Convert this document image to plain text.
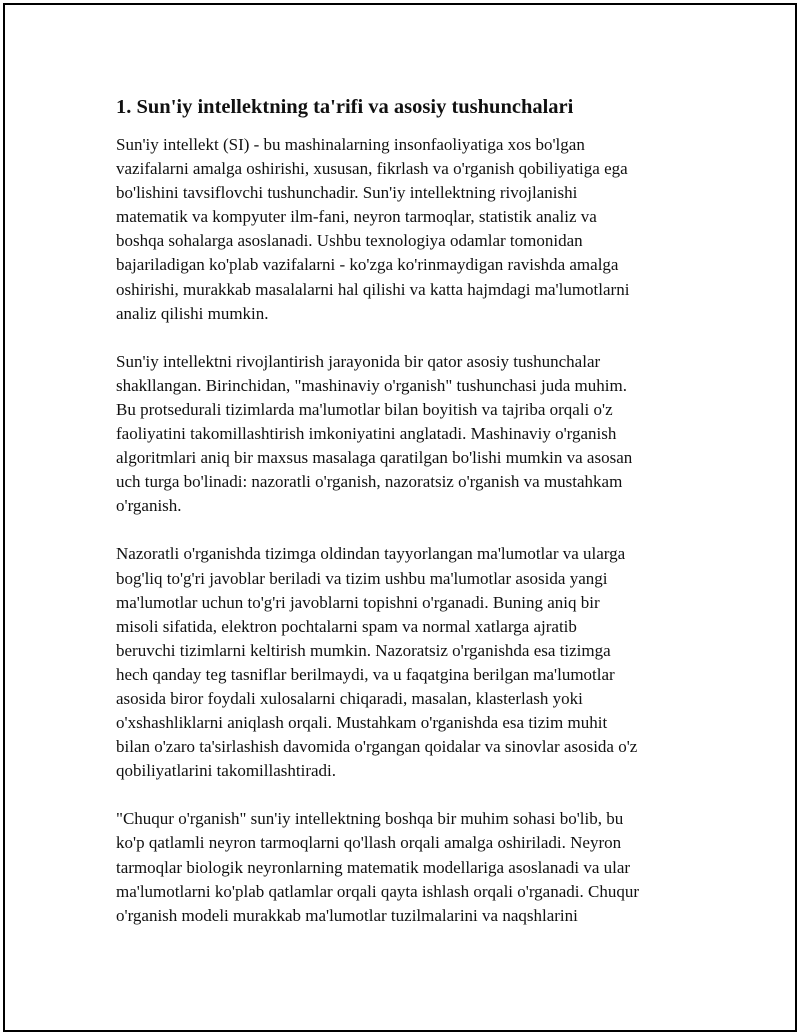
1. Sun'iy intellektning ta'rifi va asosiy tushunchalari
Sun'iy intellekt (SI) - bu mashinalarning insonfaoliyatiga xos bo'lgan
vazifalarni amalga oshirishi, xususan, fikrlash va o'rganish qobiliyatiga ega
bo'lishini tavsiflovchi tushunchadir. Sun'iy intellektning rivojlanishi
matematik va kompyuter ilm-fani, neyron tarmoqlar, statistik analiz va
boshqa sohalarga asoslanadi. Ushbu texnologiya odamlar tomonidan
bajariladigan ko'plab vazifalarni - ko'zga ko'rinmaydigan ravishda amalga
oshirishi, murakkab masalalarni hal qilishi va katta hajmdagi ma'lumotlarni
analiz qilishi mumkin.
Sun'iy intellektni rivojlantirish jarayonida bir qator asosiy tushunchalar
shakllangan. Birinchidan, "mashinaviy o'rganish" tushunchasi juda muhim.
Bu protsedurali tizimlarda ma'lumotlar bilan boyitish va tajriba orqali o'z
faoliyatini takomillashtirish imkoniyatini anglatadi. Mashinaviy o'rganish
algoritmlari aniq bir maxsus masalaga qaratilgan bo'lishi mumkin va asosan
uch turga bo'linadi: nazoratli o'rganish, nazoratsiz o'rganish va mustahkam
o'rganish.
Nazoratli o'rganishda tizimga oldindan tayyorlangan ma'lumotlar va ularga
bog'liq to'g'ri javoblar beriladi va tizim ushbu ma'lumotlar asosida yangi
ma'lumotlar uchun to'g'ri javoblarni topishni o'rganadi. Buning aniq bir
misoli sifatida, elektron pochtalarni spam va normal xatlarga ajratib
beruvchi tizimlarni keltirish mumkin. Nazoratsiz o'rganishda esa tizimga
hech qanday teg tasniflar berilmaydi, va u faqatgina berilgan ma'lumotlar
asosida biror foydali xulosalarni chiqaradi, masalan, klasterlash yoki
o'xshashliklarni aniqlash orqali. Mustahkam o'rganishda esa tizim muhit
bilan o'zaro ta'sirlashish davomida o'rgangan qoidalar va sinovlar asosida o'z
qobiliyatlarini takomillashtiradi.
"Chuqur o'rganish" sun'iy intellektning boshqa bir muhim sohasi bo'lib, bu
ko'p qatlamli neyron tarmoqlarni qo'llash orqali amalga oshiriladi. Neyron
tarmoqlar biologik neyronlarning matematik modellariga asoslanadi va ular
ma'lumotlarni ko'plab qatlamlar orqali qayta ishlash orqali o'rganadi. Chuqur
o'rganish modeli murakkab ma'lumotlar tuzilmalarini va naqshlarini
